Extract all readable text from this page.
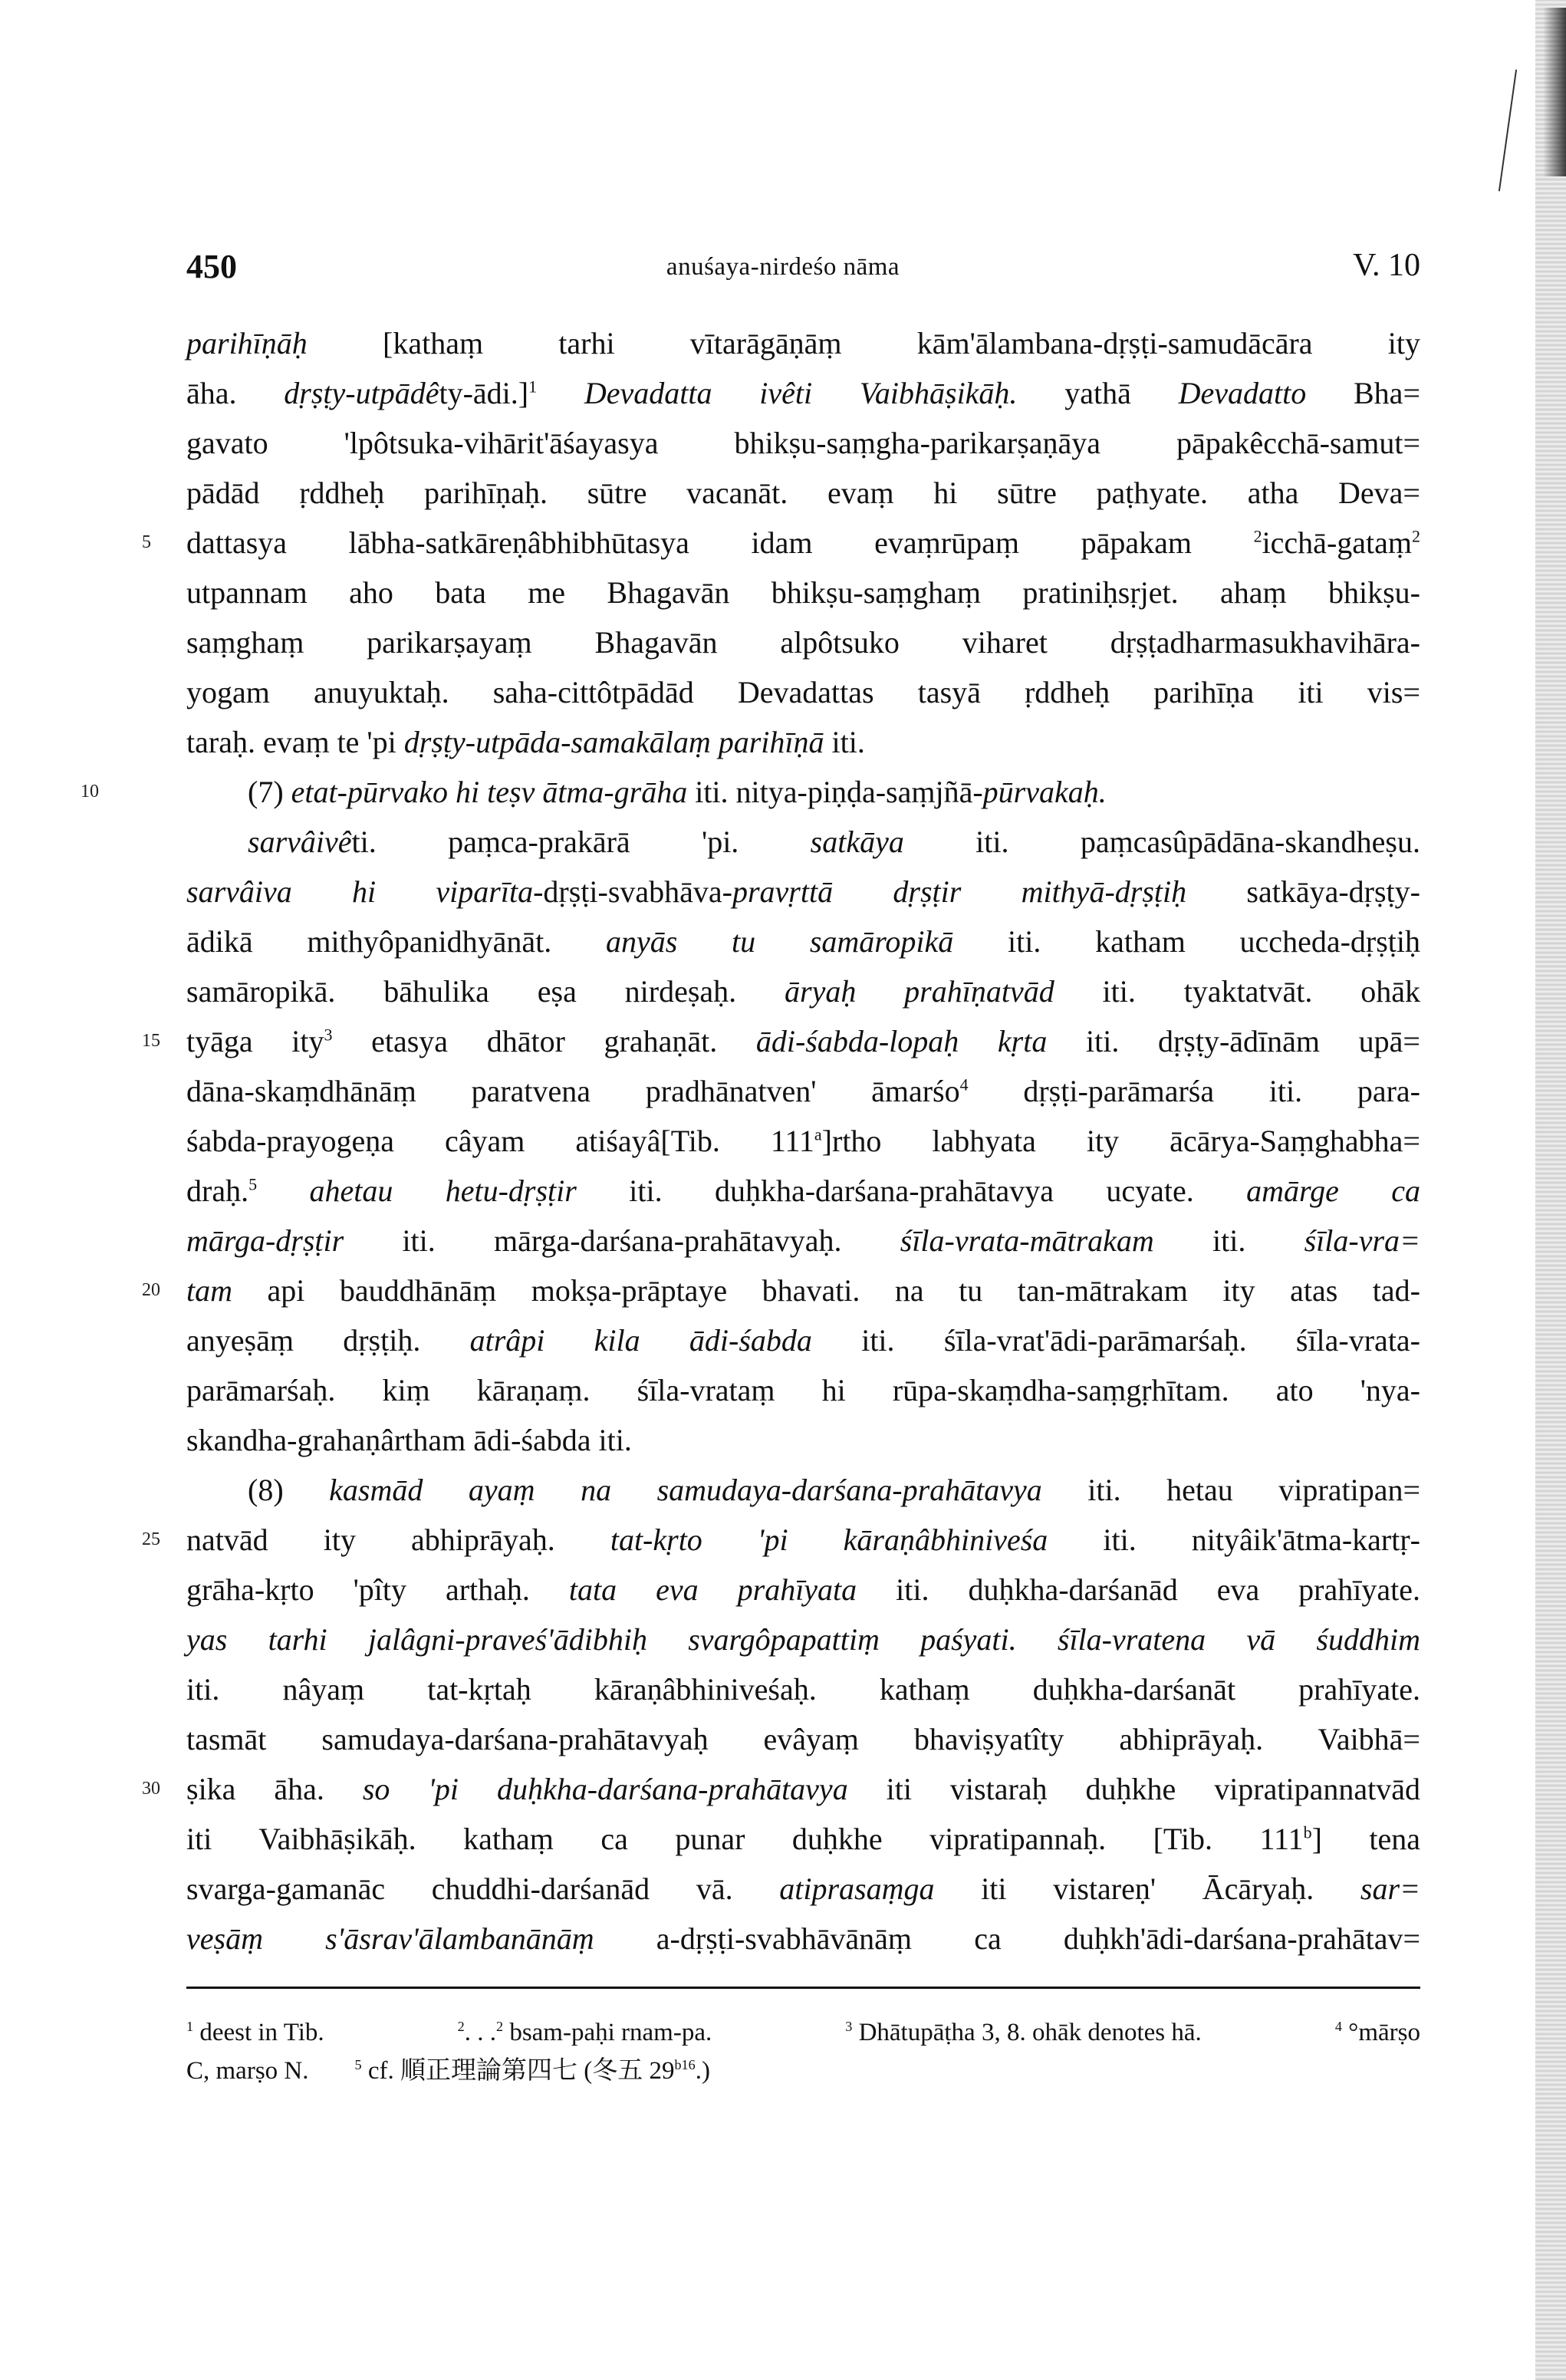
450	anuśaya-nirdeśo nāma	V. 10
parihīṇāḥ [kathaṃ tarhi vītarāgāṇāṃ kām'ālambana-dṛṣṭi-samudācāra ity
āha. dṛṣṭy-utpādêty-ādi.]$^1$ Devadatta ivêti Vaibhāṣikāḥ. yathā Devadatto Bha=
gavato 'lpôtsuka-vihārit'āśayasya bhikṣu-saṃgha-parikarṣaṇāya pāpakêcchā-samut=
pādād ṛddheḥ parihīṇaḥ. sūtre vacanāt. evaṃ hi sūtre paṭhyate. atha Deva=
dattasya lābha-satkāreṇâbhibhūtasya idam evaṃrūpaṃ pāpakam $^2$icchā-gataṃ$^2$
5
utpannam aho bata me Bhagavān bhikṣu-saṃghaṃ pratiniḥsṛjet. ahaṃ bhikṣu-
saṃghaṃ parikarṣayaṃ Bhagavān alpôtsuko viharet dṛṣṭadharmasukhavihāra-
yogam anuyuktaḥ. saha-cittôtpādād Devadattas tasyā ṛddheḥ parihīṇa iti vis=
taraḥ. evaṃ te 'pi dṛṣṭy-utpāda-samakālaṃ parihīṇā iti.
(7) etat-pūrvako hi teṣv ātma-grāha iti. nitya-piṇḍa-saṃjñā-pūrvakaḥ.
10
sarvâivêti. paṃca-prakārā 'pi. satkāya iti. paṃcasûpādāna-skandheṣu.
sarvâiva hi viparīta-dṛṣṭi-svabhāva-pravṛttā dṛṣṭir mithyā-dṛṣṭiḥ satkāya-dṛṣṭy-
ādikā mithyôpanidhyānāt. anyās tu samāropikā iti. katham uccheda-dṛṣṭiḥ
samāropikā. bāhulika eṣa nirdeṣaḥ. āryaḥ prahīṇatvād iti. tyaktatvāt. ohāk
tyāga ity$^3$ etasya dhātor grahaṇāt. ādi-śabda-lopaḥ kṛta iti. dṛṣṭy-ādīnām upā=
15
dāna-skaṃdhānāṃ paratvena pradhānatven' āmarśo$^4$ dṛṣṭi-parāmarśa iti. para-
śabda-prayogeṇa câyam atiśayâ[Tib. 111$^a$]rtho labhyata ity ācārya-Saṃghabha=
draḥ.$^5$ ahetau hetu-dṛṣṭir iti. duḥkha-darśana-prahātavya ucyate. amārge ca
mārga-dṛṣṭir iti. mārga-darśana-prahātavyaḥ. śīla-vrata-mātrakam iti. śīla-vra=
tam api bauddhānāṃ mokṣa-prāptaye bhavati. na tu tan-mātrakam ity atas tad-
20
anyeṣāṃ dṛṣṭiḥ. atrâpi kila ādi-śabda iti. śīla-vrat'ādi-parāmarśaḥ. śīla-vrata-
parāmarśaḥ. kiṃ kāraṇaṃ. śīla-vrataṃ hi rūpa-skaṃdha-saṃgṛhītam. ato 'nya-
skandha-grahaṇârtham ādi-śabda iti.
(8) kasmād ayaṃ na samudaya-darśana-prahātavya iti. hetau vipratipan=
natvād ity abhiprāyaḥ. tat-kṛto 'pi kāraṇâbhiniveśa iti. nityâik'ātma-kartṛ-
25
grāha-kṛto 'pîty arthaḥ. tata eva prahīyata iti. duḥkha-darśanād eva prahīyate.
yas tarhi jalâgni-praveś'ādibhiḥ svargôpapattiṃ paśyati. śīla-vratena vā śuddhim
iti. nâyaṃ tat-kṛtaḥ kāraṇâbhiniveśaḥ. kathaṃ duḥkha-darśanāt prahīyate.
tasmāt samudaya-darśana-prahātavyaḥ evâyaṃ bhaviṣyatîty abhiprāyaḥ. Vaibhā=
ṣika āha. so 'pi duḥkha-darśana-prahātavya iti vistaraḥ duḥkhe vipratipannatvād
30
iti Vaibhāṣikāḥ. kathaṃ ca punar duḥkhe vipratipannaḥ. [Tib. 111$^b$] tena
svarga-gamanāc chuddhi-darśanād vā. atiprasaṃga iti vistareṇ' Ācāryaḥ. sar=
veṣāṃ s'āsrav'ālambanānāṃ a-dṛṣṭi-svabhāvānāṃ ca duḥkh'ādi-darśana-prahātav=
$^1$ deest in Tib.	$^2$. . .$^2$ bsam-paḥi rnam-pa.	$^3$ Dhātupāṭha 3, 8. ohāk denotes hā.	$^4$ °mārṣo
C, marṣo N.	$^5$ cf. 順正理論第四七 (冬五 $29^{b16}$.)
